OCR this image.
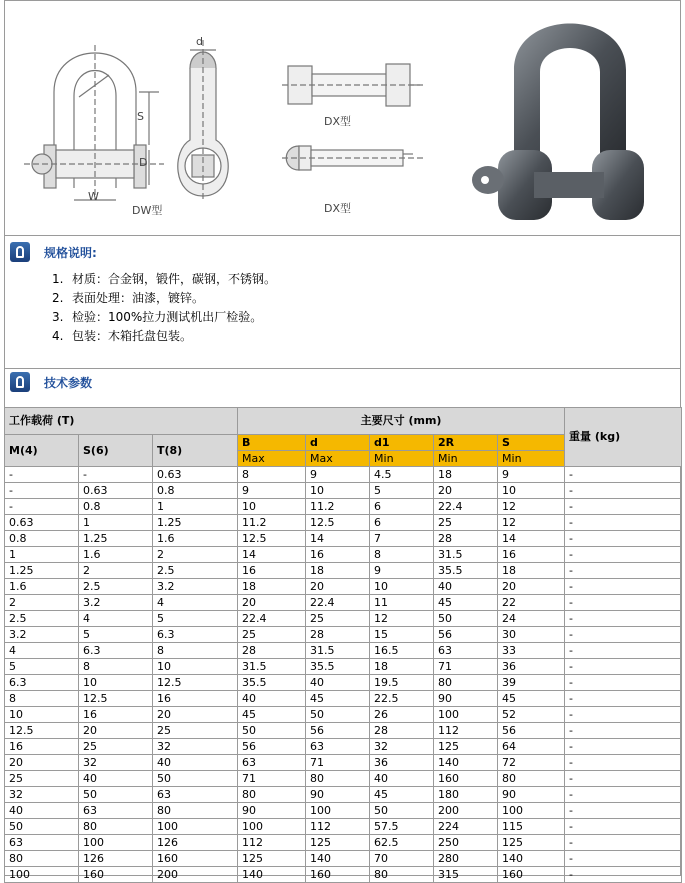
d
S
D
W
DW型
DX型
DX型
规格说明:
1. 材质：合金钢，锻件，碳钢，不锈钢。
2. 表面处理：油漆，镀锌。
3. 检验：100%拉力测试机出厂检验。
4. 包装：木箱托盘包装。
技术参数
工作载荷 (T)			主要尺寸 (mm)					重量 (kg)
M(4)	S(6)	T(8)	B	d	d1	2R	S	
			Max	Max	Min	Min	Min	
-	-	0.63	8	9	4.5	18	9	-
-	0.63	0.8	9	10	5	20	10	-
-	0.8	1	10	11.2	6	22.4	12	-
0.63	1	1.25	11.2	12.5	6	25	12	-
0.8	1.25	1.6	12.5	14	7	28	14	-
1	1.6	2	14	16	8	31.5	16	-
1.25	2	2.5	16	18	9	35.5	18	-
1.6	2.5	3.2	18	20	10	40	20	-
2	3.2	4	20	22.4	11	45	22	-
2.5	4	5	22.4	25	12	50	24	-
3.2	5	6.3	25	28	15	56	30	-
4	6.3	8	28	31.5	16.5	63	33	-
5	8	10	31.5	35.5	18	71	36	-
6.3	10	12.5	35.5	40	19.5	80	39	-
8	12.5	16	40	45	22.5	90	45	-
10	16	20	45	50	26	100	52	-
12.5	20	25	50	56	28	112	56	-
16	25	32	56	63	32	125	64	-
20	32	40	63	71	36	140	72	-
25	40	50	71	80	40	160	80	-
32	50	63	80	90	45	180	90	-
40	63	80	90	100	50	200	100	-
50	80	100	100	112	57.5	224	115	-
63	100	126	112	125	62.5	250	125	-
80	126	160	125	140	70	280	140	-
100	160	200	140	160	80	315	160	-
